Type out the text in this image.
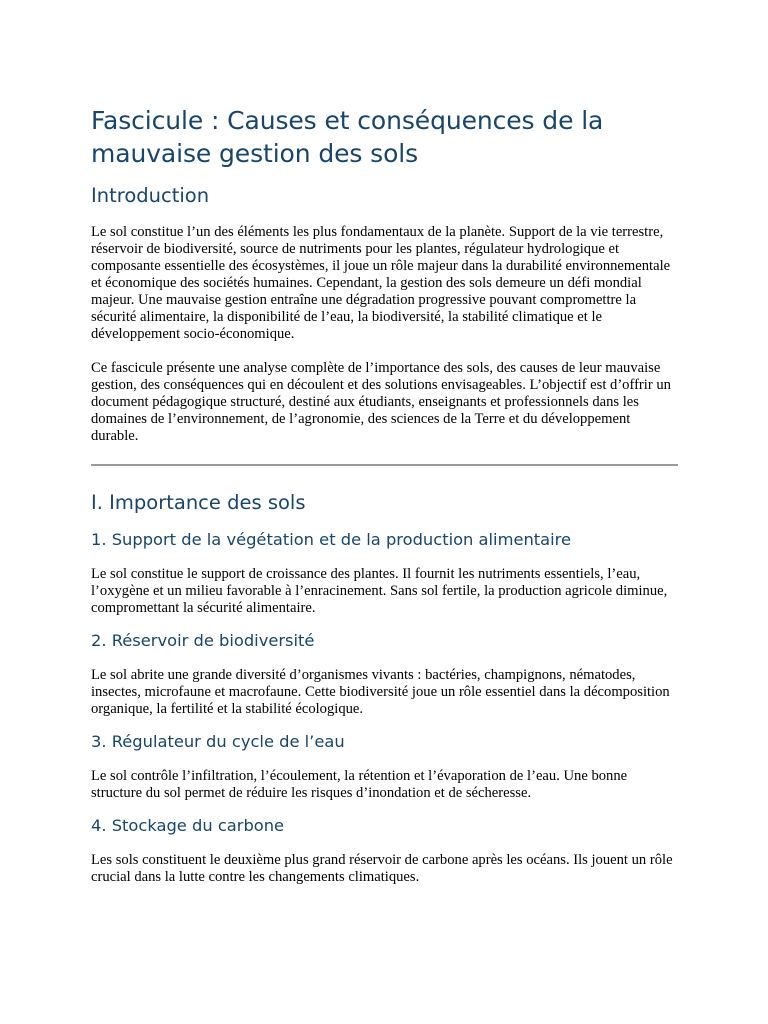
Fascicule : Causes et conséquences de la mauvaise gestion des sols
Introduction

Le sol constitue l’un des éléments les plus fondamentaux de la planète. Support de la vie terrestre, réservoir de biodiversité, source de nutriments pour les plantes, régulateur hydrologique et composante essentielle des écosystèmes, il joue un rôle majeur dans la durabilité environnementale et économique des sociétés humaines. Cependant, la gestion des sols demeure un défi mondial majeur. Une mauvaise gestion entraîne une dégradation progressive pouvant compromettre la sécurité alimentaire, la disponibilité de l’eau, la biodiversité, la stabilité climatique et le développement socio-économique.

Ce fascicule présente une analyse complète de l’importance des sols, des causes de leur mauvaise gestion, des conséquences qui en découlent et des solutions envisageables. L’objectif est d’offrir un document pédagogique structuré, destiné aux étudiants, enseignants et professionnels dans les domaines de l’environnement, de l’agronomie, des sciences de la Terre et du développement durable.

I. Importance des sols
1. Support de la végétation et de la production alimentaire

Le sol constitue le support de croissance des plantes. Il fournit les nutriments essentiels, l’eau, l’oxygène et un milieu favorable à l’enracinement. Sans sol fertile, la production agricole diminue, compromettant la sécurité alimentaire.

2. Réservoir de biodiversité

Le sol abrite une grande diversité d’organismes vivants : bactéries, champignons, nématodes, insectes, microfaune et macrofaune. Cette biodiversité joue un rôle essentiel dans la décomposition organique, la fertilité et la stabilité écologique.

3. Régulateur du cycle de l’eau

Le sol contrôle l’infiltration, l’écoulement, la rétention et l’évaporation de l’eau. Une bonne structure du sol permet de réduire les risques d’inondation et de sécheresse.

4. Stockage du carbone

Les sols constituent le deuxième plus grand réservoir de carbone après les océans. Ils jouent un rôle crucial dans la lutte contre les changements climatiques.
